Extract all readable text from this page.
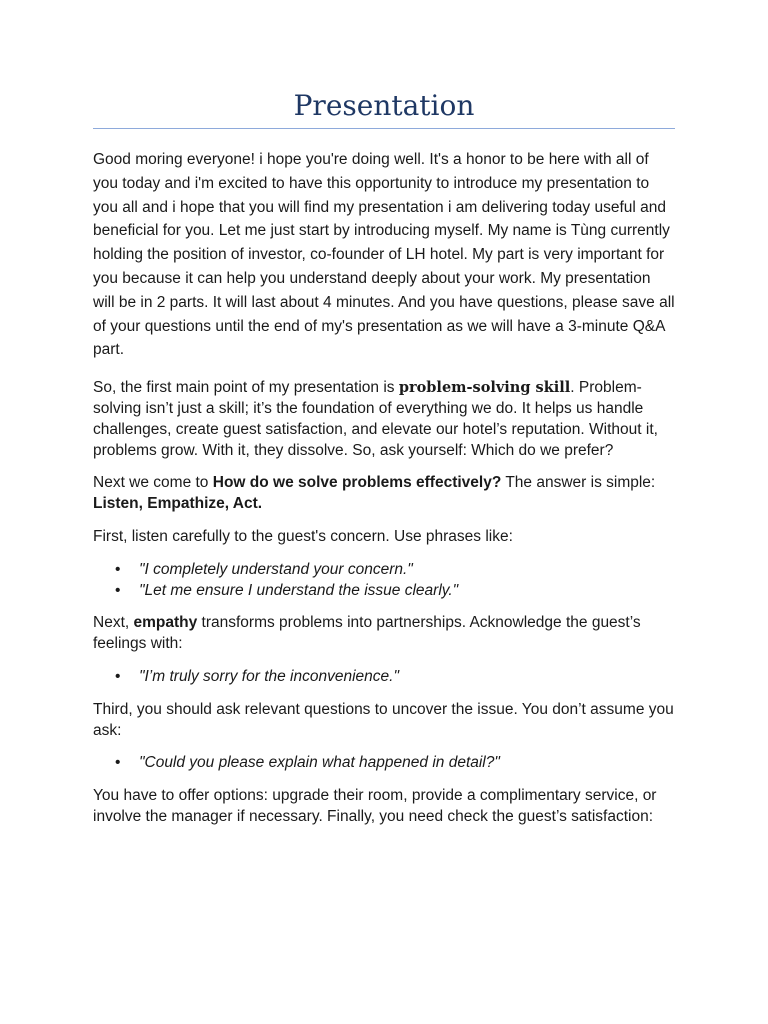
Presentation

Good moring everyone! i hope you're doing well. It's a honor to be here with all of you today and i'm excited to have this opportunity to introduce my presentation to you all and i hope that you will find my presentation i am delivering today useful and beneficial for you. Let me just start by introducing myself. My name is Tùng currently holding the position of investor, co-founder of LH hotel. My part is very important for you because it can help you understand deeply about your work. My presentation will be in 2 parts. It will last about 4 minutes. And you have questions, please save all of your questions until the end of my's presentation as we will have a 3-minute Q&A part.

So, the first main point of my presentation is problem-solving skill. Problem-solving isn’t just a skill; it’s the foundation of everything we do. It helps us handle challenges, create guest satisfaction, and elevate our hotel’s reputation. Without it, problems grow. With it, they dissolve. So, ask yourself: Which do we prefer?

Next we come to How do we solve problems effectively? The answer is simple: Listen, Empathize, Act.

First, listen carefully to the guest's concern. Use phrases like:

• "I completely understand your concern."
• "Let me ensure I understand the issue clearly."

Next, empathy transforms problems into partnerships. Acknowledge the guest’s feelings with:

• "I’m truly sorry for the inconvenience."

Third, you should ask relevant questions to uncover the issue. You don’t assume you ask:

• "Could you please explain what happened in detail?"

You have to offer options: upgrade their room, provide a complimentary service, or involve the manager if necessary. Finally, you need check the guest’s satisfaction:
